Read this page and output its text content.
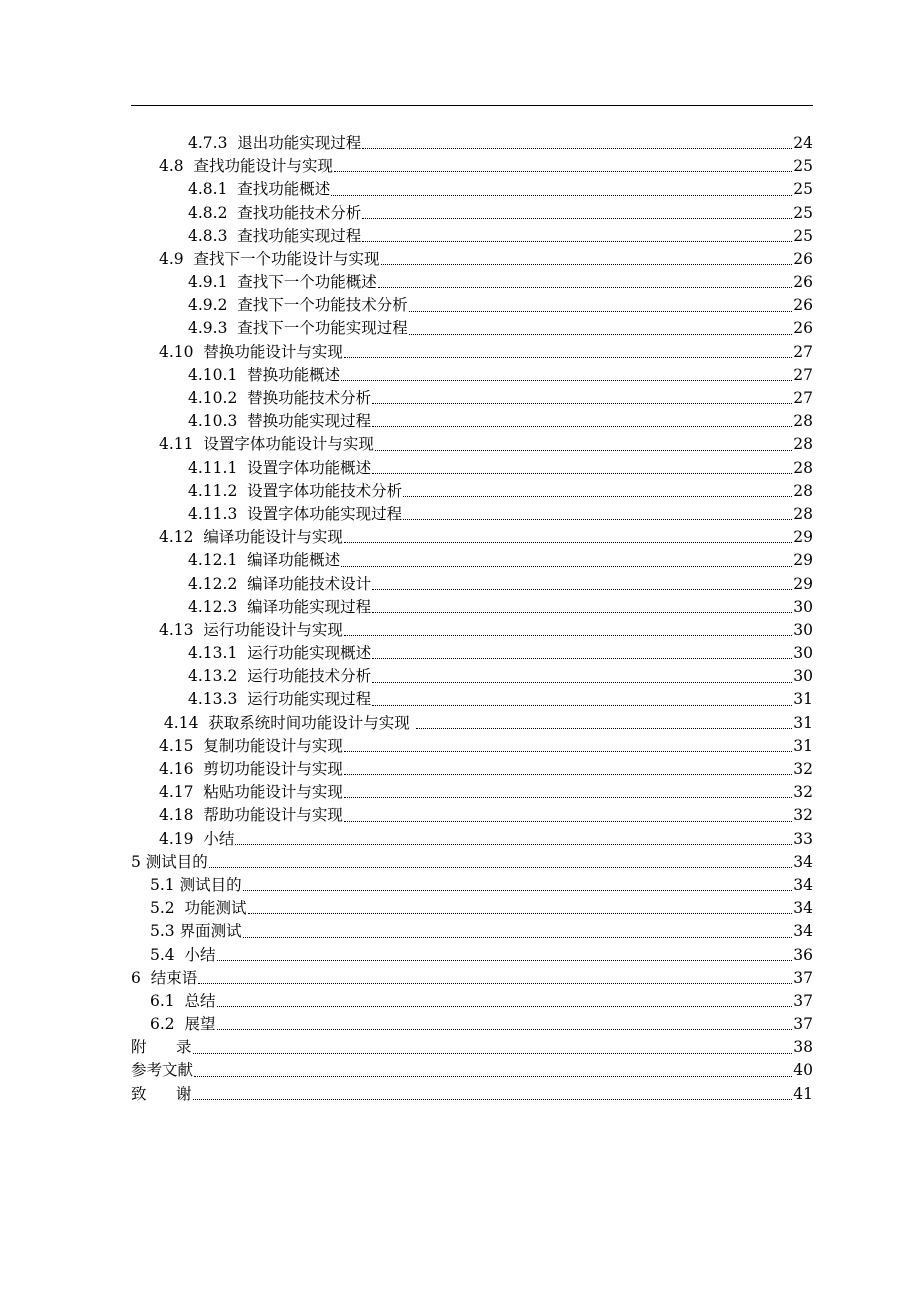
4.7.3  退出功能实现过程	24
4.8  查找功能设计与实现	25
4.8.1  查找功能概述	25
4.8.2  查找功能技术分析	25
4.8.3  查找功能实现过程	25
4.9  查找下一个功能设计与实现	26
4.9.1  查找下一个功能概述	26
4.9.2  查找下一个功能技术分析	26
4.9.3  查找下一个功能实现过程	26
4.10  替换功能设计与实现	27
4.10.1  替换功能概述	27
4.10.2  替换功能技术分析	27
4.10.3  替换功能实现过程	28
4.11  设置字体功能设计与实现	28
4.11.1  设置字体功能概述	28
4.11.2  设置字体功能技术分析	28
4.11.3  设置字体功能实现过程	28
4.12  编译功能设计与实现	29
4.12.1  编译功能概述	29
4.12.2  编译功能技术设计	29
4.12.3  编译功能实现过程	30
4.13  运行功能设计与实现	30
4.13.1  运行功能实现概述	30
4.13.2  运行功能技术分析	30
4.13.3  运行功能实现过程	31
4.14  获取系统时间功能设计与实现	31
4.15  复制功能设计与实现	31
4.16  剪切功能设计与实现	32
4.17  粘贴功能设计与实现	32
4.18  帮助功能设计与实现	32
4.19  小结	33
5 测试目的	34
5.1 测试目的	34
5.2  功能测试	34
5.3 界面测试	34
5.4  小结	36
6  结束语	37
6.1  总结	37
6.2  展望	37
附      录	38
参考文献	40
致      谢	41
